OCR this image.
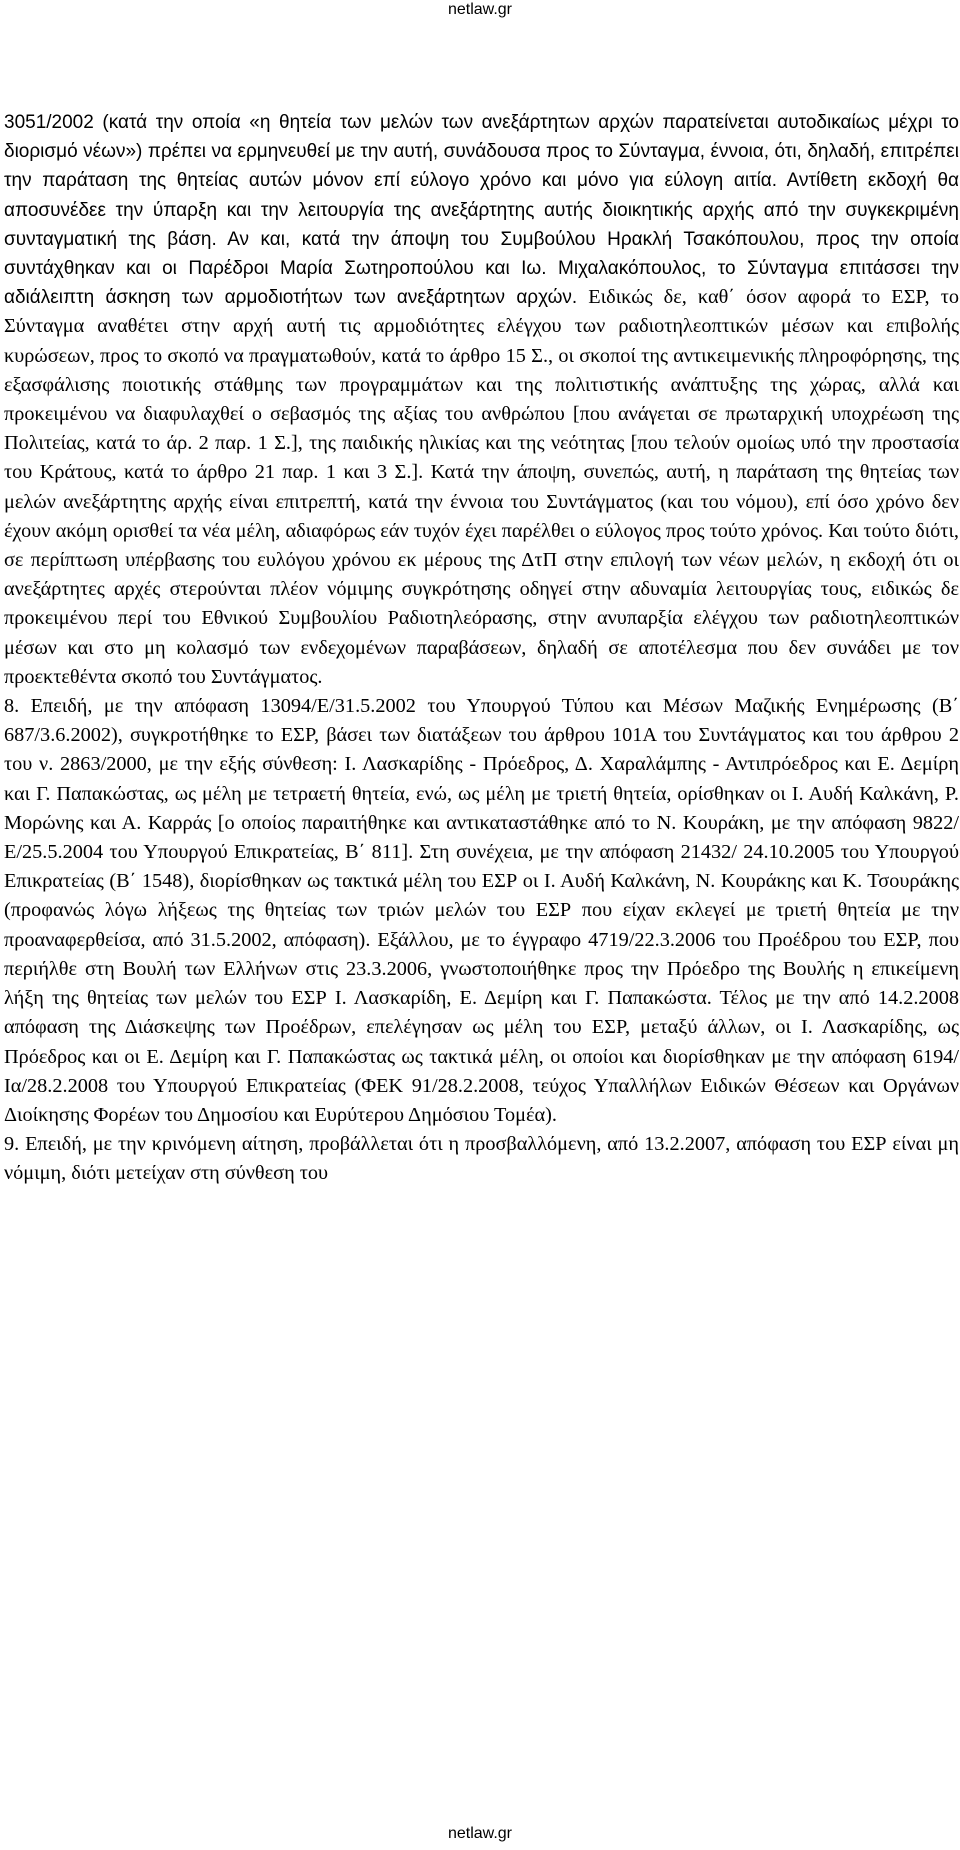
netlaw.gr

3051/2002 (κατά την οποία «η θητεία των μελών των ανεξάρτητων αρχών παρατείνεται αυτοδικαίως μέχρι το διορισμό νέων») πρέπει να ερμηνευθεί με την αυτή, συνάδουσα προς το Σύνταγμα, έννοια, ότι, δηλαδή, επιτρέπει την παράταση της θητείας αυτών μόνον επί εύλογο χρόνο και μόνο για εύλογη αιτία. Αντίθετη εκδοχή θα αποσυνέδεε την ύπαρξη και την λειτουργία της ανεξάρτητης αυτής διοικητικής αρχής από την συγκεκριμένη συνταγματική της βάση. Αν και, κατά την άποψη του Συμβούλου Ηρακλή Τσακόπουλου, προς την οποία συντάχθηκαν και οι Παρέδροι Μαρία Σωτηροπούλου και Ιω. Μιχαλακόπουλος, το Σύνταγμα επιτάσσει την αδιάλειπτη άσκηση των αρμοδιοτήτων των ανεξάρτητων αρχών. Ειδικώς δε, καθ΄ όσον αφορά το ΕΣΡ, το Σύνταγμα αναθέτει στην αρχή αυτή τις αρμοδιότητες ελέγχου των ραδιοτηλεοπτικών μέσων και επιβολής κυρώσεων, προς το σκοπό να πραγματωθούν, κατά το άρθρο 15 Σ., οι σκοποί της αντικειμενικής πληροφόρησης, της εξασφάλισης ποιοτικής στάθμης των προγραμμάτων και της πολιτιστικής ανάπτυξης της χώρας, αλλά και προκειμένου να διαφυλαχθεί ο σεβασμός της αξίας του ανθρώπου [που ανάγεται σε πρωταρχική υποχρέωση της Πολιτείας, κατά το άρ. 2 παρ. 1 Σ.], της παιδικής ηλικίας και της νεότητας [που τελούν ομοίως υπό την προστασία του Κράτους, κατά το άρθρο 21 παρ. 1 και 3 Σ.]. Κατά την άποψη, συνεπώς, αυτή, η παράταση της θητείας των μελών ανεξάρτητης αρχής είναι επιτρεπτή, κατά την έννοια του Συντάγματος (και του νόμου), επί όσο χρόνο δεν έχουν ακόμη ορισθεί τα νέα μέλη, αδιαφόρως εάν τυχόν έχει παρέλθει ο εύλογος προς τούτο χρόνος. Και τούτο διότι, σε περίπτωση υπέρβασης του ευλόγου χρόνου εκ μέρους της ΔτΠ στην επιλογή των νέων μελών, η εκδοχή ότι οι ανεξάρτητες αρχές στερούνται πλέον νόμιμης συγκρότησης οδηγεί στην αδυναμία λειτουργίας τους, ειδικώς δε προκειμένου περί του Εθνικού Συμβουλίου Ραδιοτηλεόρασης, στην ανυπαρξία ελέγχου των ραδιοτηλεοπτικών μέσων και στο μη κολασμό των ενδεχομένων παραβάσεων, δηλαδή σε αποτέλεσμα που δεν συνάδει με τον προεκτεθέντα σκοπό του Συντάγματος.

8. Επειδή, με την απόφαση 13094/Ε/31.5.2002 του Υπουργού Τύπου και Μέσων Μαζικής Ενημέρωσης (Β΄ 687/3.6.2002), συγκροτήθηκε το ΕΣΡ, βάσει των διατάξεων του άρθρου 101Α του Συντάγματος και του άρθρου 2 του ν. 2863/2000, με την εξής σύνθεση: Ι. Λασκαρίδης - Πρόεδρος, Δ. Χαραλάμπης - Αντιπρόεδρος και Ε. Δεμίρη και Γ. Παπακώστας, ως μέλη με τετραετή θητεία, ενώ, ως μέλη με τριετή θητεία, ορίσθηκαν οι Ι. Αυδή Καλκάνη, Ρ. Μορώνης και Α. Καρράς [ο οποίος παραιτήθηκε και αντικαταστάθηκε από το Ν. Κουράκη, με την απόφαση 9822/Ε/25.5.2004 του Υπουργού Επικρατείας, Β΄ 811]. Στη συνέχεια, με την απόφαση 21432/ 24.10.2005 του Υπουργού Επικρατείας (Β΄ 1548), διορίσθηκαν ως τακτικά μέλη του ΕΣΡ οι Ι. Αυδή Καλκάνη, Ν. Κουράκης και Κ. Τσουράκης (προφανώς λόγω λήξεως της θητείας των τριών μελών του ΕΣΡ που είχαν εκλεγεί με τριετή θητεία με την προαναφερθείσα, από 31.5.2002, απόφαση). Εξάλλου, με το έγγραφο 4719/22.3.2006 του Προέδρου του ΕΣΡ, που περιήλθε στη Βουλή των Ελλήνων στις 23.3.2006, γνωστοποιήθηκε προς την Πρόεδρο της Βουλής η επικείμενη λήξη της θητείας των μελών του ΕΣΡ Ι. Λασκαρίδη, Ε. Δεμίρη και Γ. Παπακώστα. Τέλος με την από 14.2.2008 απόφαση της Διάσκεψης των Προέδρων, επελέγησαν ως μέλη του ΕΣΡ, μεταξύ άλλων, οι Ι. Λασκαρίδης, ως Πρόεδρος και οι Ε. Δεμίρη και Γ. Παπακώστας ως τακτικά μέλη, οι οποίοι και διορίσθηκαν με την απόφαση 6194/Ια/28.2.2008 του Υπουργού Επικρατείας (ΦΕΚ 91/28.2.2008, τεύχος Υπαλλήλων Ειδικών Θέσεων και Οργάνων Διοίκησης Φορέων του Δημοσίου και Ευρύτερου Δημόσιου Τομέα).

9. Επειδή, με την κρινόμενη αίτηση, προβάλλεται ότι η προσβαλλόμενη, από 13.2.2007, απόφαση του ΕΣΡ είναι μη νόμιμη, διότι μετείχαν στη σύνθεση του

netlaw.gr
